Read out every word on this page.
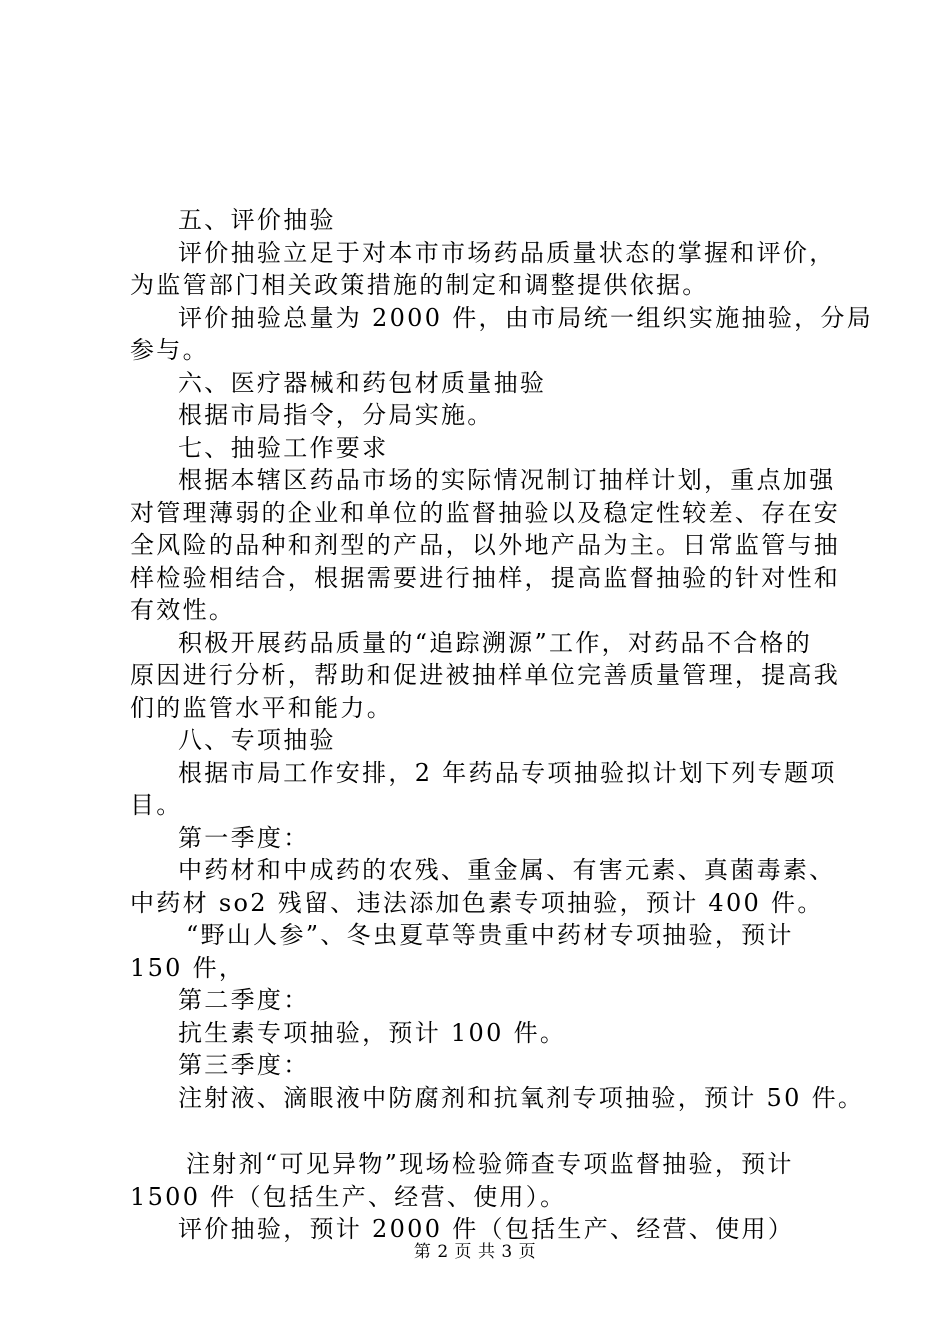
五、评价抽验
评价抽验立足于对本市市场药品质量状态的掌握和评价，
为监管部门相关政策措施的制定和调整提供依据。
评价抽验总量为 2000 件，由市局统一组织实施抽验，分局
参与。
六、医疗器械和药包材质量抽验
根据市局指令，分局实施。
七、抽验工作要求
根据本辖区药品市场的实际情况制订抽样计划，重点加强
对管理薄弱的企业和单位的监督抽验以及稳定性较差、存在安
全风险的品种和剂型的产品，以外地产品为主。日常监管与抽
样检验相结合，根据需要进行抽样，提高监督抽验的针对性和
有效性。
积极开展药品质量的“追踪溯源”工作，对药品不合格的
原因进行分析，帮助和促进被抽样单位完善质量管理，提高我
们的监管水平和能力。
八、专项抽验
根据市局工作安排，2 年药品专项抽验拟计划下列专题项
目。
第一季度：
中药材和中成药的农残、重金属、有害元素、真菌毒素、
中药材 so2 残留、违法添加色素专项抽验，预计 400 件。
“野山人参”、冬虫夏草等贵重中药材专项抽验，预计
150 件，
第二季度：
抗生素专项抽验，预计 100 件。
第三季度：
注射液、滴眼液中防腐剂和抗氧剂专项抽验，预计 50 件。
注射剂“可见异物”现场检验筛查专项监督抽验，预计
1500 件（包括生产、经营、使用）。
评价抽验，预计 2000 件（包括生产、经营、使用）
第 2 页 共 3 页
